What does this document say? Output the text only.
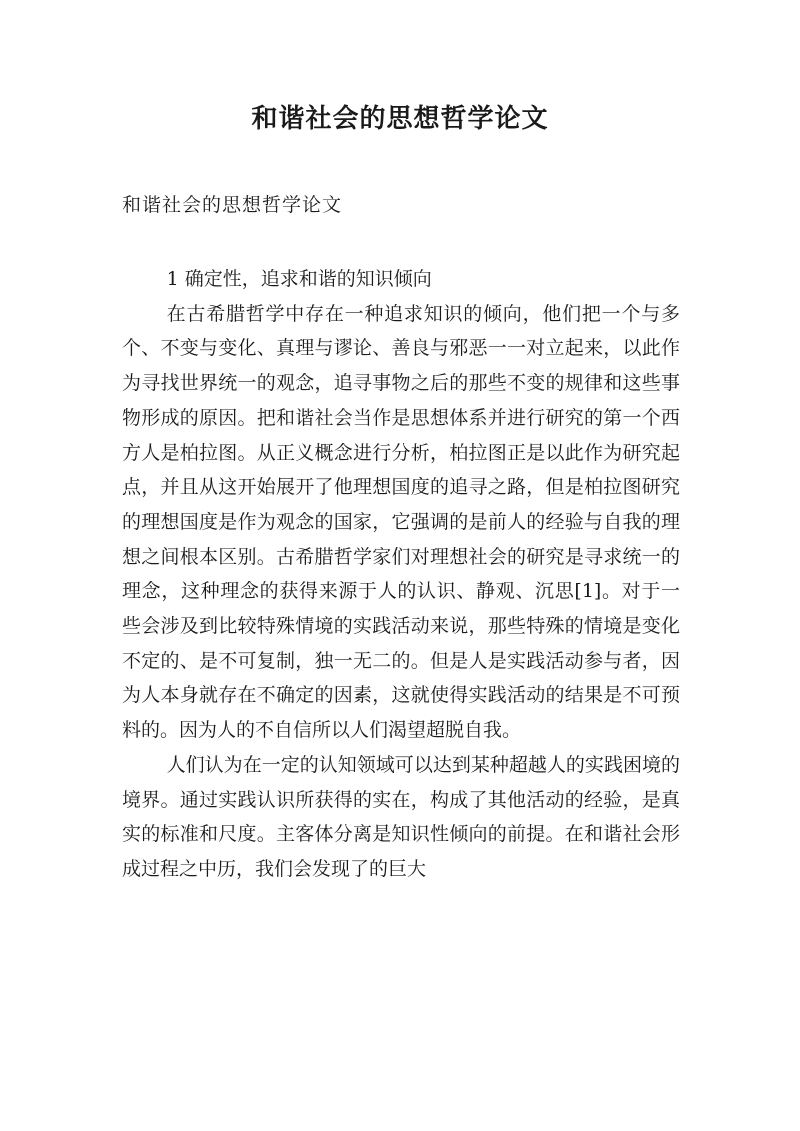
和谐社会的思想哲学论文
和谐社会的思想哲学论文

1 确定性，追求和谐的知识倾向

在古希腊哲学中存在一种追求知识的倾向，他们把一个与多个、不变与变化、真理与谬论、善良与邪恶一一对立起来，以此作为寻找世界统一的观念，追寻事物之后的那些不变的规律和这些事物形成的原因。把和谐社会当作是思想体系并进行研究的第一个西方人是柏拉图。从正义概念进行分析，柏拉图正是以此作为研究起点，并且从这开始展开了他理想国度的追寻之路，但是柏拉图研究的理想国度是作为观念的国家，它强调的是前人的经验与自我的理想之间根本区别。古希腊哲学家们对理想社会的研究是寻求统一的理念，这种理念的获得来源于人的认识、静观、沉思[1]。对于一些会涉及到比较特殊情境的实践活动来说，那些特殊的情境是变化不定的、是不可复制，独一无二的。但是人是实践活动参与者，因为人本身就存在不确定的因素，这就使得实践活动的结果是不可预料的。因为人的不自信所以人们渴望超脱自我。

人们认为在一定的认知领域可以达到某种超越人的实践困境的境界。通过实践认识所获得的实在，构成了其他活动的经验，是真实的标准和尺度。主客体分离是知识性倾向的前提。在和谐社会形成过程之中历，我们会发现了的巨大
